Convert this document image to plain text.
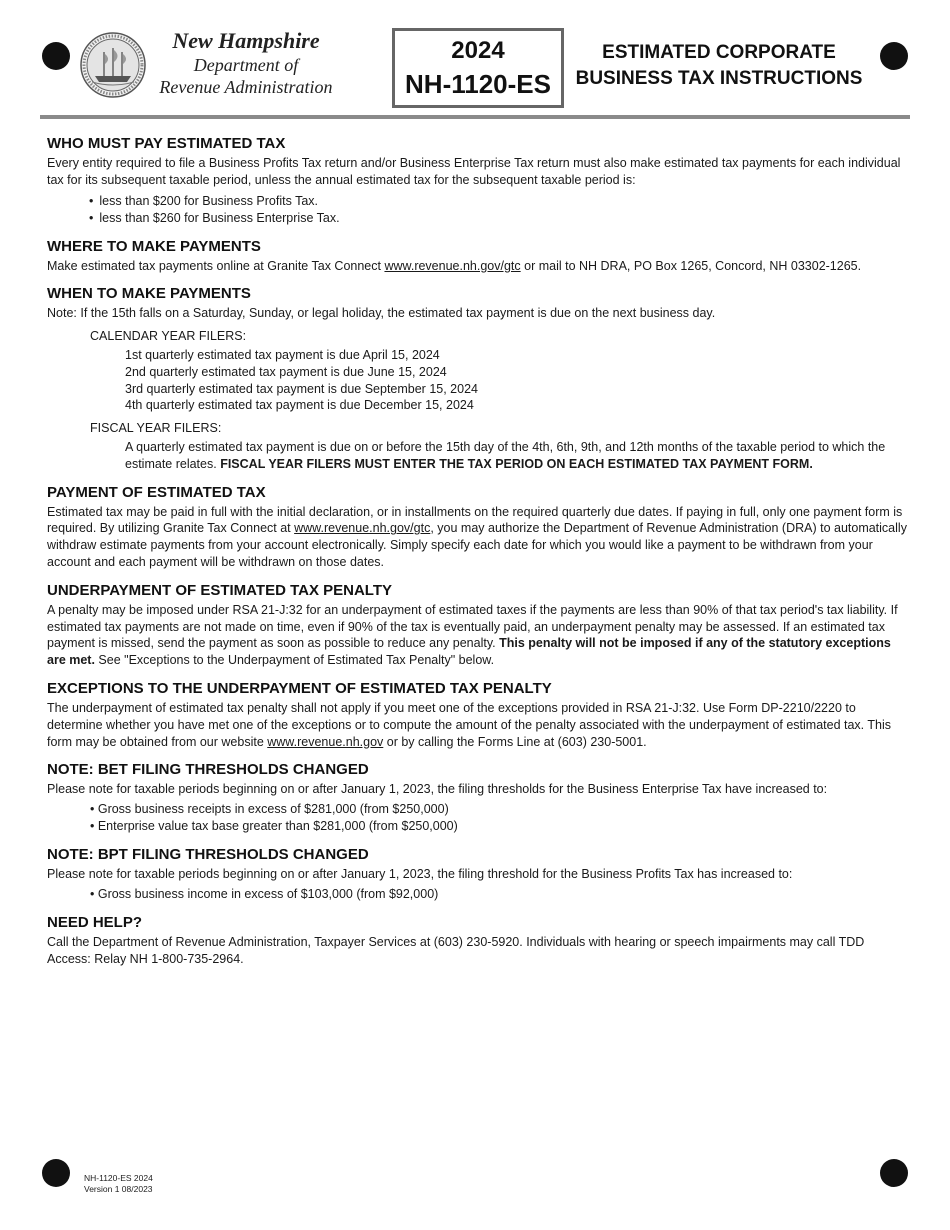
New Hampshire
Department of
Revenue Administration
2024
NH-1120-ES
ESTIMATED CORPORATE
BUSINESS TAX INSTRUCTIONS
WHO MUST PAY ESTIMATED TAX

Every entity required to file a Business Profits Tax return and/or Business Enterprise Tax return must also make estimated tax payments for each individual tax for its subsequent taxable period, unless the annual estimated tax for the subsequent taxable period is:

• less than $200 for Business Profits Tax.
• less than $260 for Business Enterprise Tax.
WHERE TO MAKE PAYMENTS

Make estimated tax payments online at Granite Tax Connect www.revenue.nh.gov/gtc or mail to NH DRA, PO Box 1265, Concord, NH 03302-1265.

WHEN TO MAKE PAYMENTS

Note: If the 15th falls on a Saturday, Sunday, or legal holiday, the estimated tax payment is due on the next business day.

CALENDAR YEAR FILERS:
1st quarterly estimated tax payment is due April 15, 2024
2nd quarterly estimated tax payment is due June 15, 2024
3rd quarterly estimated tax payment is due September 15, 2024
4th quarterly estimated tax payment is due December 15, 2024
FISCAL YEAR FILERS:

A quarterly estimated tax payment is due on or before the 15th day of the 4th, 6th, 9th, and 12th months of the taxable period to which the estimate relates. FISCAL YEAR FILERS MUST ENTER THE TAX PERIOD ON EACH ESTIMATED TAX PAYMENT FORM.

PAYMENT OF ESTIMATED TAX

Estimated tax may be paid in full with the initial declaration, or in installments on the required quarterly due dates. If paying in full, only one payment form is required. By utilizing Granite Tax Connect at www.revenue.nh.gov/gtc, you may authorize the Department of Revenue Administration (DRA) to automatically withdraw estimate payments from your account electronically. Simply specify each date for which you would like a payment to be withdrawn from your account and each payment will be withdrawn on those dates.

UNDERPAYMENT OF ESTIMATED TAX PENALTY

A penalty may be imposed under RSA 21-J:32 for an underpayment of estimated taxes if the payments are less than 90% of that tax period's tax liability. If estimated tax payments are not made on time, even if 90% of the tax is eventually paid, an underpayment penalty may be assessed. If an estimated tax payment is missed, send the payment as soon as possible to reduce any penalty. This penalty will not be imposed if any of the statutory exceptions are met. See "Exceptions to the Underpayment of Estimated Tax Penalty" below.

EXCEPTIONS TO THE UNDERPAYMENT OF ESTIMATED TAX PENALTY

The underpayment of estimated tax penalty shall not apply if you meet one of the exceptions provided in RSA 21-J:32. Use Form DP-2210/2220 to determine whether you have met one of the exceptions or to compute the amount of the penalty associated with the underpayment of estimated tax. This form may be obtained from our website www.revenue.nh.gov or by calling the Forms Line at (603) 230-5001.

NOTE: BET FILING THRESHOLDS CHANGED

Please note for taxable periods beginning on or after January 1, 2023, the filing thresholds for the Business Enterprise Tax have increased to:

• Gross business receipts in excess of $281,000 (from $250,000)
• Enterprise value tax base greater than $281,000 (from $250,000)
NOTE: BPT FILING THRESHOLDS CHANGED

Please note for taxable periods beginning on or after January 1, 2023, the filing threshold for the Business Profits Tax has increased to:

• Gross business income in excess of $103,000 (from $92,000)
NEED HELP?

Call the Department of Revenue Administration, Taxpayer Services at (603) 230-5920. Individuals with hearing or speech impairments may call TDD Access: Relay NH 1-800-735-2964.

NH-1120-ES 2024
Version 1 08/2023
